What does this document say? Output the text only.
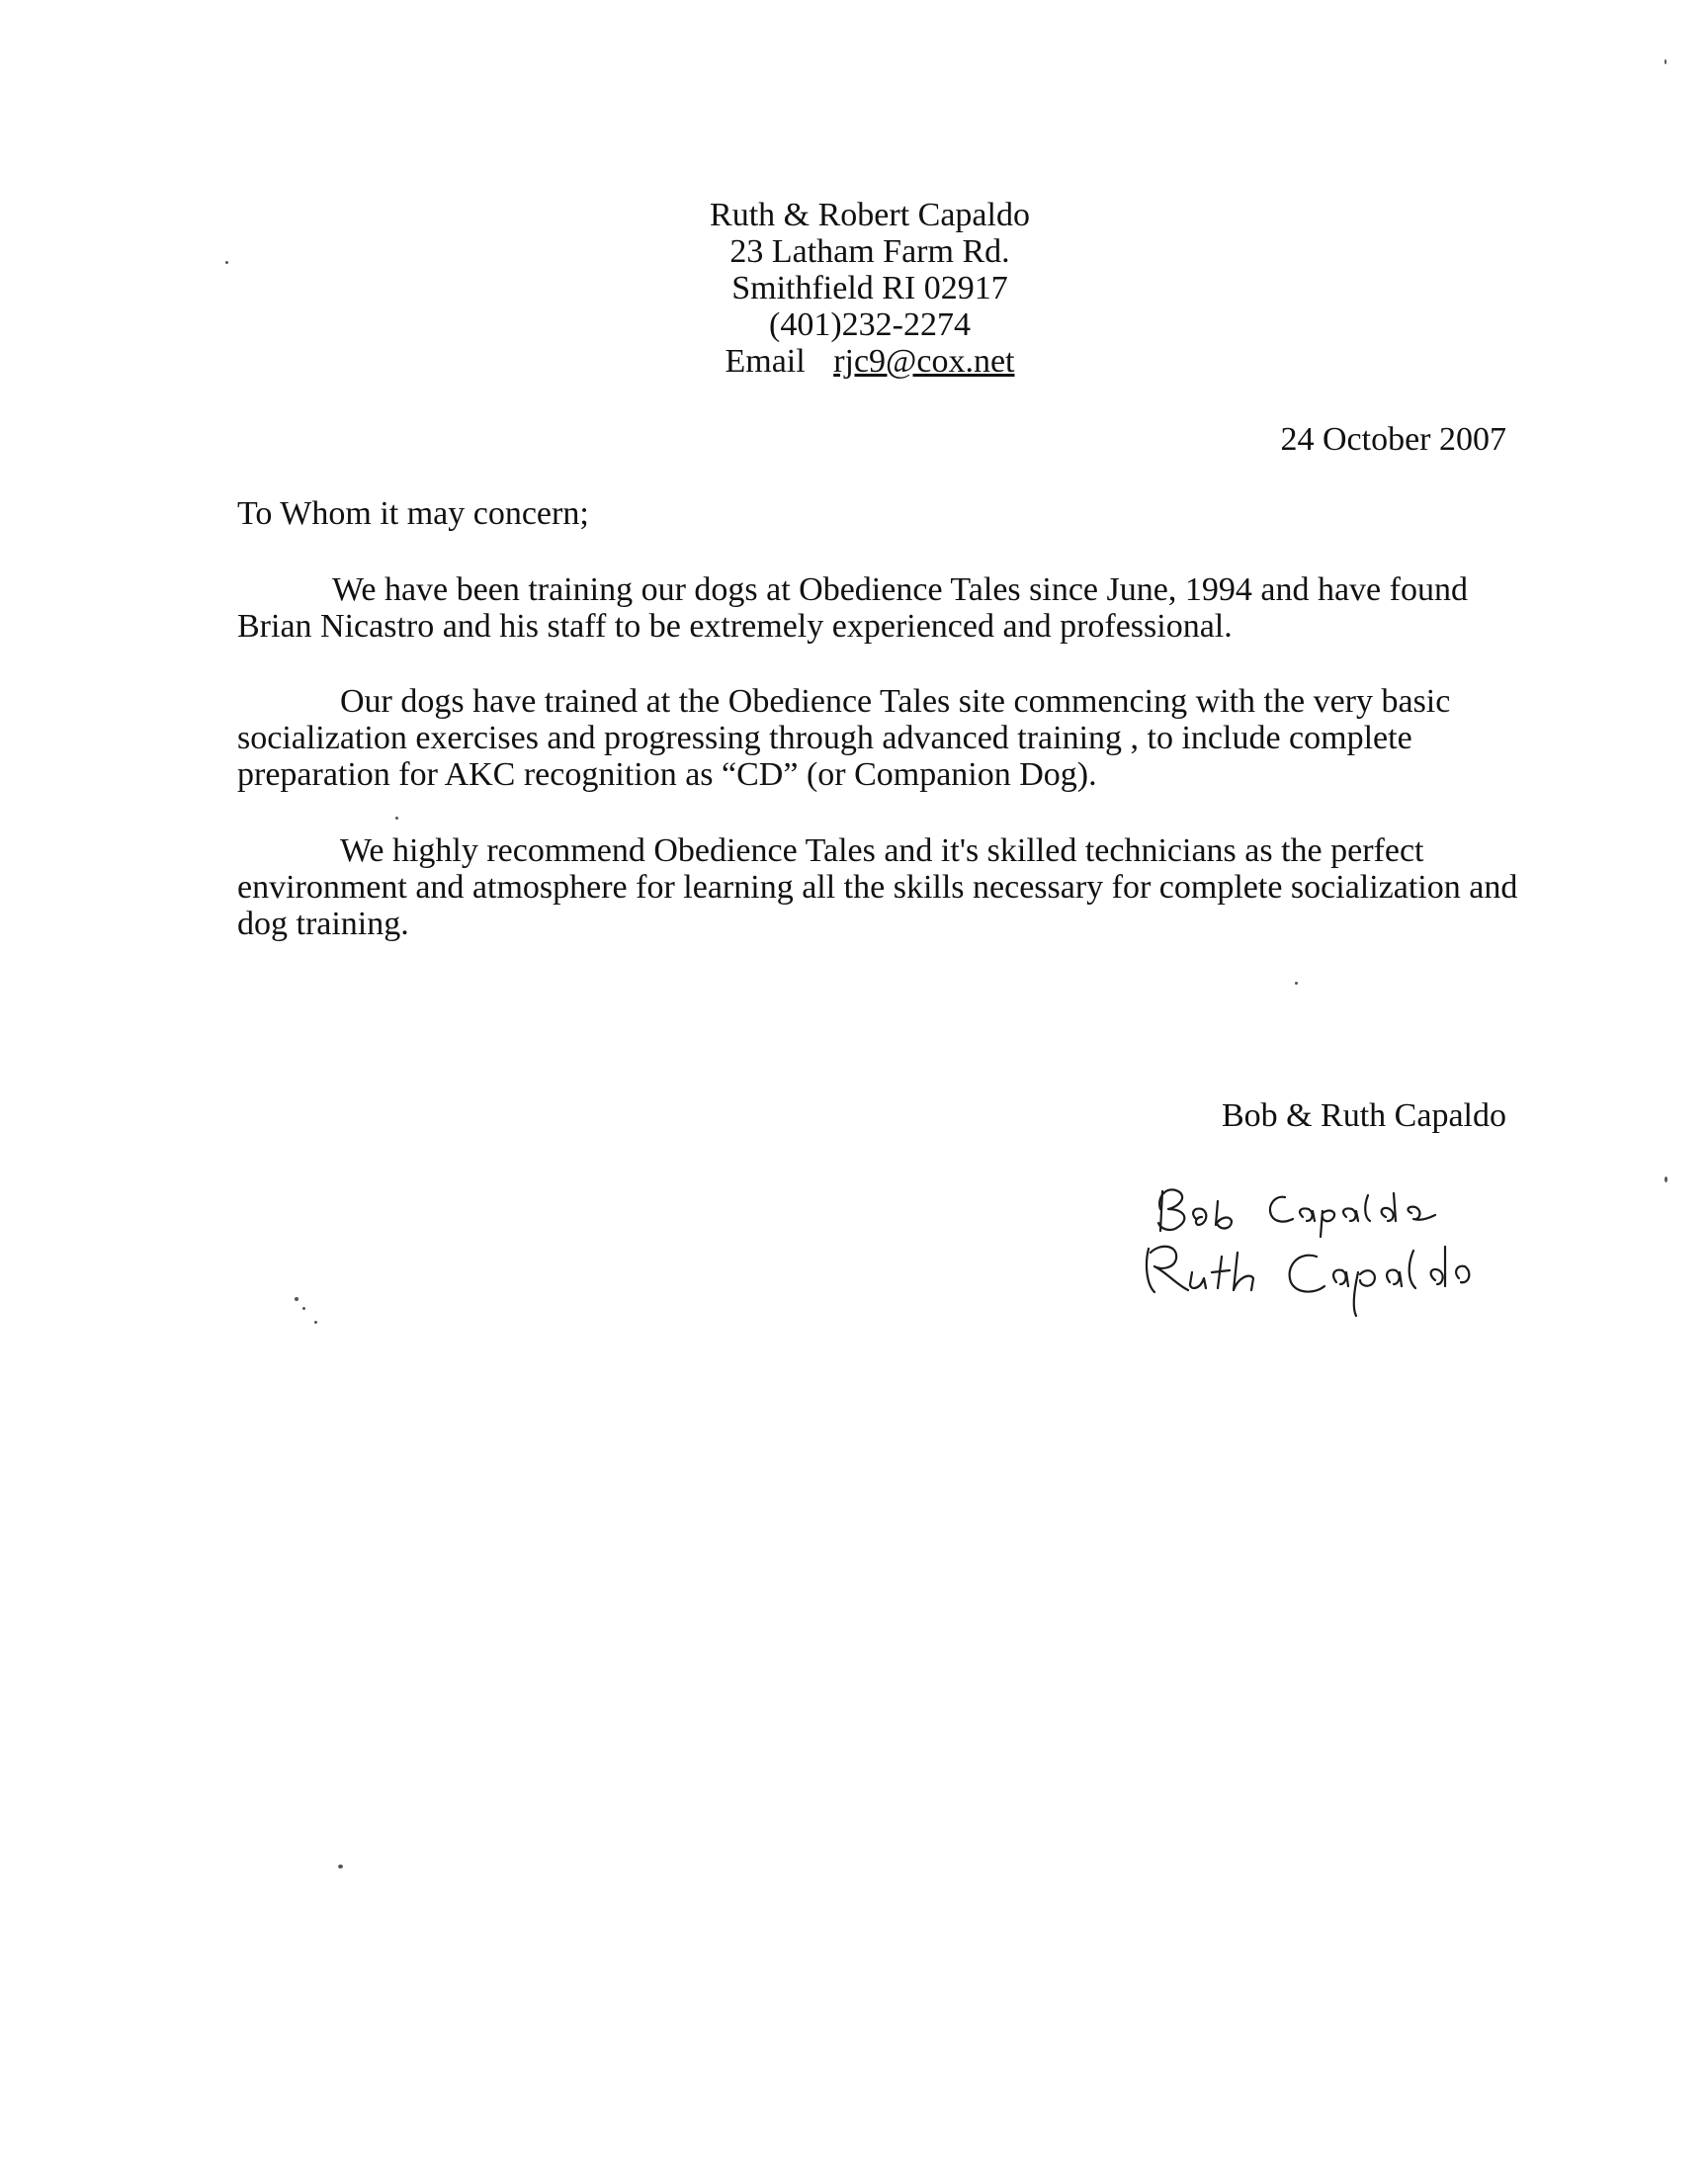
Ruth & Robert Capaldo
23 Latham Farm Rd.
Smithfield RI 02917
(401)232-2274
Email rjc9@cox.net
24 October 2007
To Whom it may concern;
We have been training our dogs at Obedience Tales since June, 1994 and have found
Brian Nicastro and his staff to be extremely experienced and professional.
Our dogs have trained at the Obedience Tales site commencing with the very basic
socialization exercises and progressing through advanced training , to include complete
preparation for AKC recognition as “CD” (or Companion Dog).
We highly recommend Obedience Tales and it's skilled technicians as the perfect
environment and atmosphere for learning all the skills necessary for complete socialization and
dog training.
Bob & Ruth Capaldo
